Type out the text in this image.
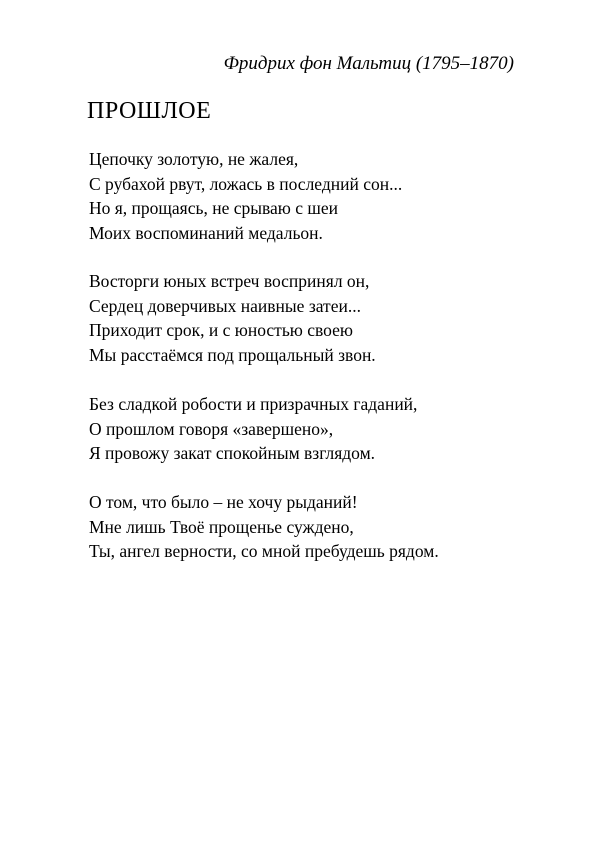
Фридрих фон Мальтиц (1795–1870)
ПРОШЛОЕ
Цепочку золотую, не жалея,
С рубахой рвут, ложась в последний сон...
Но я, прощаясь, не срываю с шеи
Моих воспоминаний медальон.
Восторги юных встреч воспринял он,
Сердец доверчивых наивные затеи...
Приходит срок, и с юностью своею
Мы расстаёмся под прощальный звон.
Без сладкой робости и призрачных гаданий,
О прошлом говоря «завершено»,
Я провожу закат спокойным взглядом.
О том, что было – не хочу рыданий!
Мне лишь Твоё прощенье суждено,
Ты, ангел верности, со мной пребудешь рядом.
